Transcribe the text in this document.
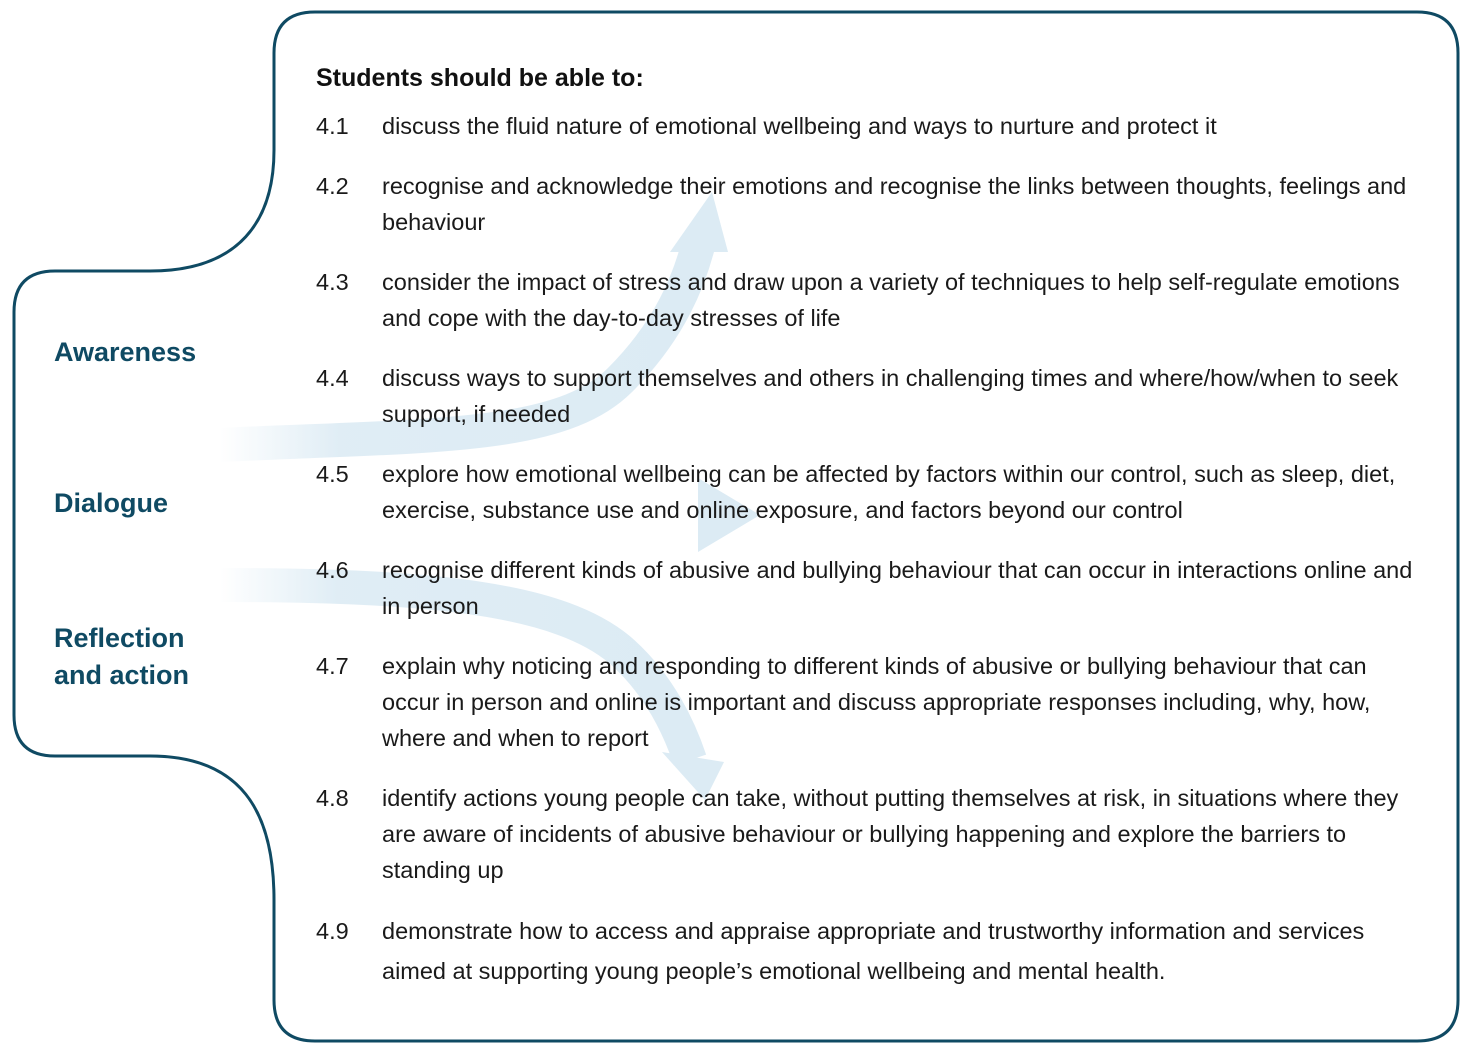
Awareness

Dialogue

Reflection
and action

Students should be able to:

4.1	discuss the fluid nature of emotional wellbeing and ways to nurture and protect it
4.2	recognise and acknowledge their emotions and recognise the links between thoughts, feelings and behaviour
4.3	consider the impact of stress and draw upon a variety of techniques to help self-regulate emotions and cope with the day-to-day stresses of life
4.4	discuss ways to support themselves and others in challenging times and where/how/when to seek support, if needed
4.5	explore how emotional wellbeing can be affected by factors within our control, such as sleep, diet, exercise, substance use and online exposure, and factors beyond our control
4.6	recognise different kinds of abusive and bullying behaviour that can occur in interactions online and in person
4.7	explain why noticing and responding to different kinds of abusive or bullying behaviour that can occur in person and online is important and discuss appropriate responses including, why, how, where and when to report
4.8	identify actions young people can take, without putting themselves at risk, in situations where they are aware of incidents of abusive behaviour or bullying happening and explore the barriers to standing up
4.9	demonstrate how to access and appraise appropriate and trustworthy information and services aimed at supporting young people’s emotional wellbeing and mental health.
